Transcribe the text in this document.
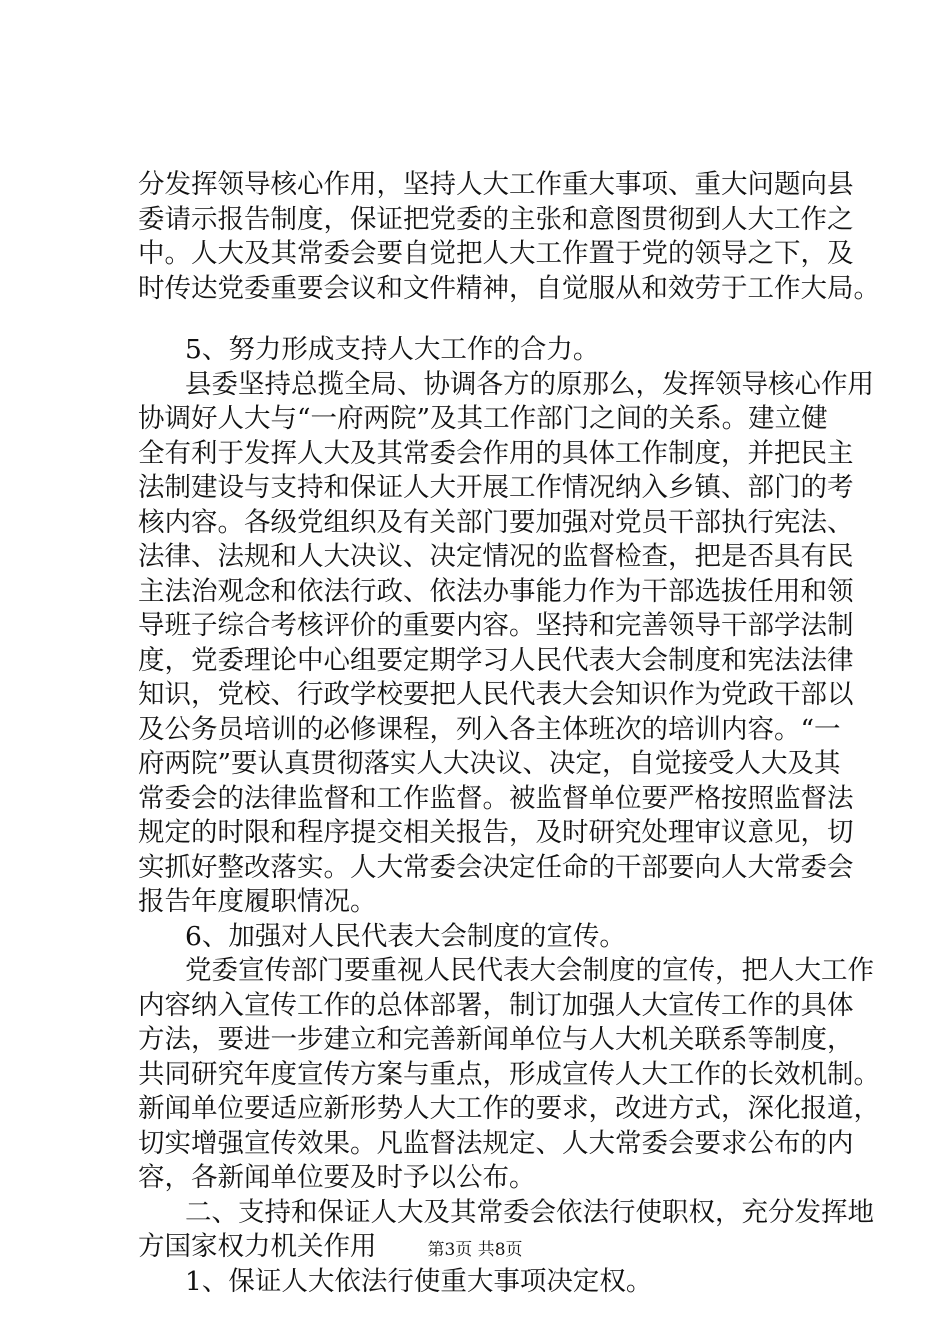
分发挥领导核心作用，坚持人大工作重大事项、重大问题向县
委请示报告制度，保证把党委的主张和意图贯彻到人大工作之
中。人大及其常委会要自觉把人大工作置于党的领导之下，及
时传达党委重要会议和文件精神，自觉服从和效劳于工作大局。
5、努力形成支持人大工作的合力。
县委坚持总揽全局、协调各方的原那么，发挥领导核心作用
协调好人大与“一府两院”及其工作部门之间的关系。建立健
全有利于发挥人大及其常委会作用的具体工作制度，并把民主
法制建设与支持和保证人大开展工作情况纳入乡镇、部门的考
核内容。各级党组织及有关部门要加强对党员干部执行宪法、
法律、法规和人大决议、决定情况的监督检查，把是否具有民
主法治观念和依法行政、依法办事能力作为干部选拔任用和领
导班子综合考核评价的重要内容。坚持和完善领导干部学法制
度，党委理论中心组要定期学习人民代表大会制度和宪法法律
知识，党校、行政学校要把人民代表大会知识作为党政干部以
及公务员培训的必修课程，列入各主体班次的培训内容。“一
府两院”要认真贯彻落实人大决议、决定，自觉接受人大及其
常委会的法律监督和工作监督。被监督单位要严格按照监督法
规定的时限和程序提交相关报告，及时研究处理审议意见，切
实抓好整改落实。人大常委会决定任命的干部要向人大常委会
报告年度履职情况。
6、加强对人民代表大会制度的宣传。
党委宣传部门要重视人民代表大会制度的宣传，把人大工作
内容纳入宣传工作的总体部署，制订加强人大宣传工作的具体
方法，要进一步建立和完善新闻单位与人大机关联系等制度，
共同研究年度宣传方案与重点，形成宣传人大工作的长效机制。
新闻单位要适应新形势人大工作的要求，改进方式，深化报道，
切实增强宣传效果。凡监督法规定、人大常委会要求公布的内
容，各新闻单位要及时予以公布。
二、支持和保证人大及其常委会依法行使职权，充分发挥地
方国家权力机关作用
1、保证人大依法行使重大事项决定权。
第3页 共8页
